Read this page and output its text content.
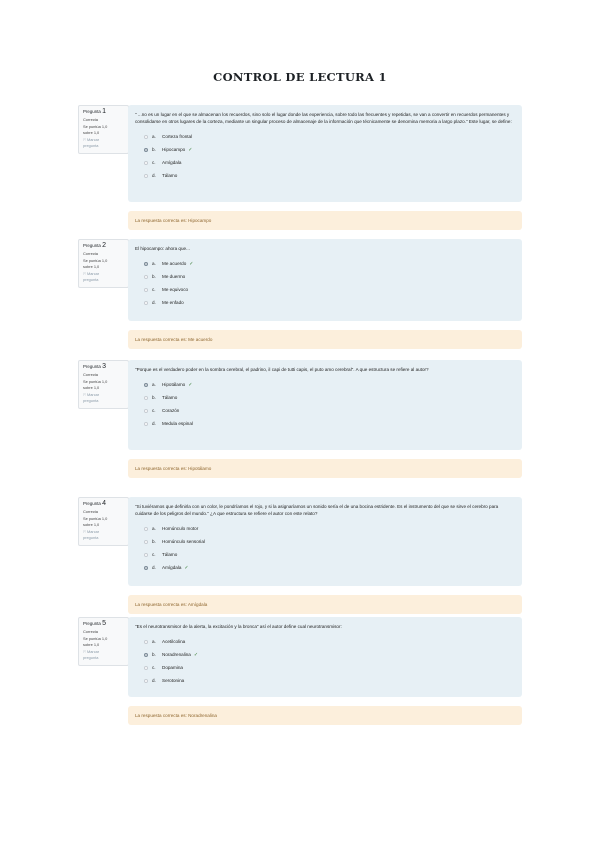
CONTROL DE LECTURA 1
Pregunta 1
Correcta
Se puntúa 1,0
sobre 1,0
⚐Marcar
pregunta

" ...no es un lugar en el que se almacenan los recuerdos, sino solo el lugar donde las experiencia, sobre todo las frecuentes y repetidas, se van a convertir en recuerdos permanentes y consolidarse en otros lugares de la corteza, mediante un singular proceso de almacenaje de la información que técnicamente se denomina memoria a largo plazo." Este lugar, se define:

a.	Corteza frontal
b.	Hipocampo ✓
c.	Amígdala
d.	Tálamo
La respuesta correcta es: Hipocampo
Pregunta 2
Correcta
Se puntúa 1,0
sobre 1,0
⚐Marcar
pregunta

El hipocampo: ahora que...

a.	Me acuerdo ✓
b.	Me duermo
c.	Me equivoco
d.	Me enfado
La respuesta correcta es: Me acuerdo
Pregunta 3
Correcta
Se puntúa 1,0
sobre 1,0
⚐Marcar
pregunta

"Porque es el verdadero poder en la sombra cerebral, el padrino, il capi de tutti capis, el puto amo cerebral". A que estructura se refiere al autor?

a.	Hipotálamo ✓
b.	Tálamo
c.	Corazón
d.	Medula espinal
La respuesta correcta es: Hipotálamo
Pregunta 4
Correcta
Se puntúa 1,0
sobre 1,0
⚐Marcar
pregunta

"Si tuviéramos que definirla con un color, le pondríamos el rojo, y si la asignaríamos un sonido sería el de una bocina estridente. Es el instrumento del que se sirve el cerebro para cuidarse de los peligros del mundo." ¿A que estructura se refiere el autor con este relato?

a.	Homúnculo motor
b.	Homúnculo sensorial
c.	Tálamo
d.	Amígdala ✓
La respuesta correcta es: Amígdala
Pregunta 5
Correcta
Se puntúa 1,0
sobre 1,0
⚐Marcar
pregunta

"Es el neurotransmisor de la alerta, la excitación y la bronca" así el autor define cual neurotransmisor:

a.	Acetilcolina
b.	Noradrenalina ✓
c.	Dopamina
d.	Serotonina
La respuesta correcta es: Noradrenalina
